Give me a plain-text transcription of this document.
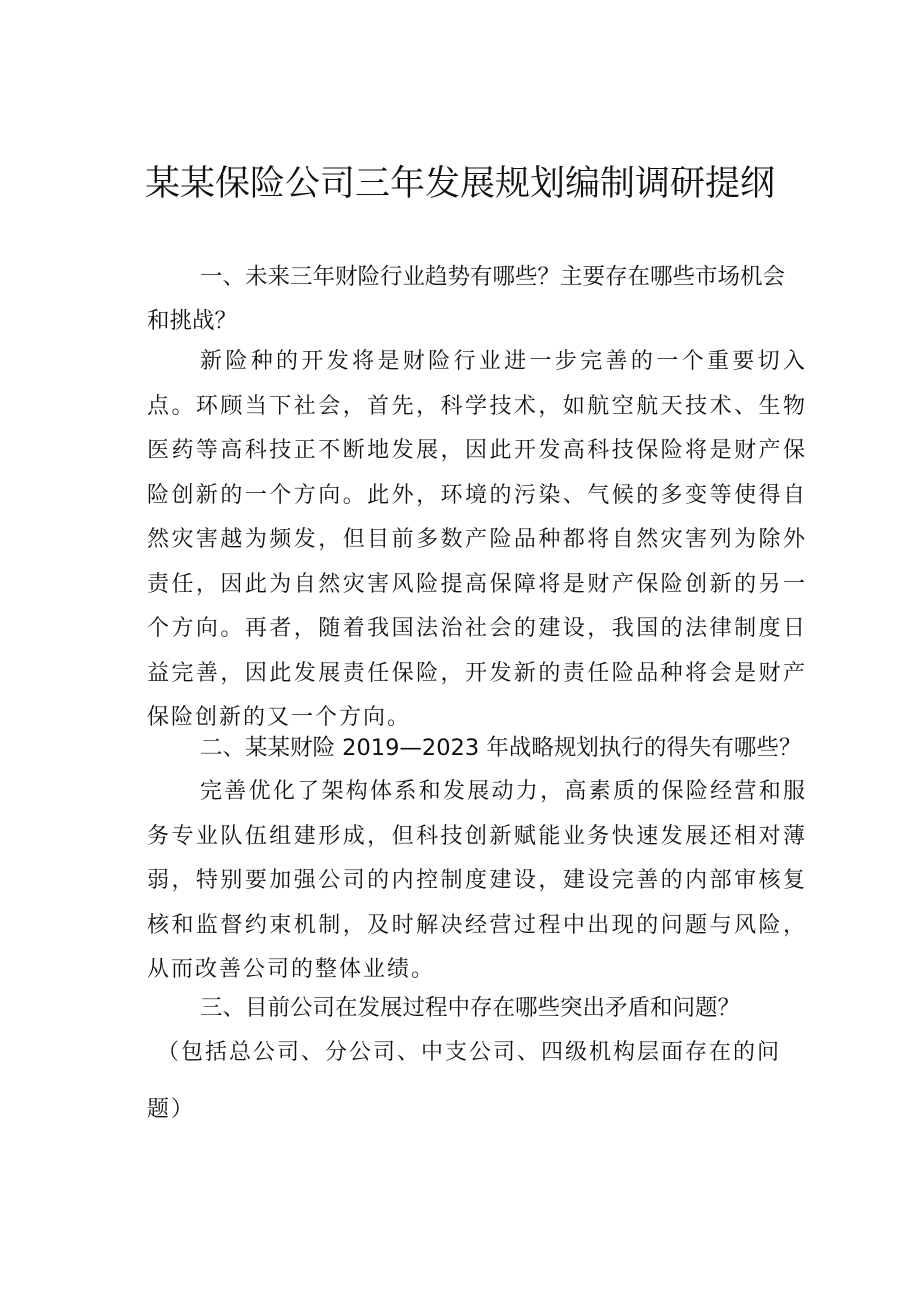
某某保险公司三年发展规划编制调研提纲
一、未来三年财险行业趋势有哪些？主要存在哪些市场机会和挑战？

新险种的开发将是财险行业进一步完善的一个重要切入点。环顾当下社会，首先，科学技术，如航空航天技术、生物医药等高科技正不断地发展，因此开发高科技保险将是财产保险创新的一个方向。此外，环境的污染、气候的多变等使得自然灾害越为频发，但目前多数产险品种都将自然灾害列为除外责任，因此为自然灾害风险提高保障将是财产保险创新的另一个方向。再者，随着我国法治社会的建设，我国的法律制度日益完善，因此发展责任保险，开发新的责任险品种将会是财产保险创新的又一个方向。

二、某某财险 2019—2023 年战略规划执行的得失有哪些？

完善优化了架构体系和发展动力，高素质的保险经营和服务专业队伍组建形成，但科技创新赋能业务快速发展还相对薄弱，特别要加强公司的内控制度建设，建设完善的内部审核复核和监督约束机制，及时解决经营过程中出现的问题与风险，从而改善公司的整体业绩。

三、目前公司在发展过程中存在哪些突出矛盾和问题？

（包括总公司、分公司、中支公司、四级机构层面存在的问题）
